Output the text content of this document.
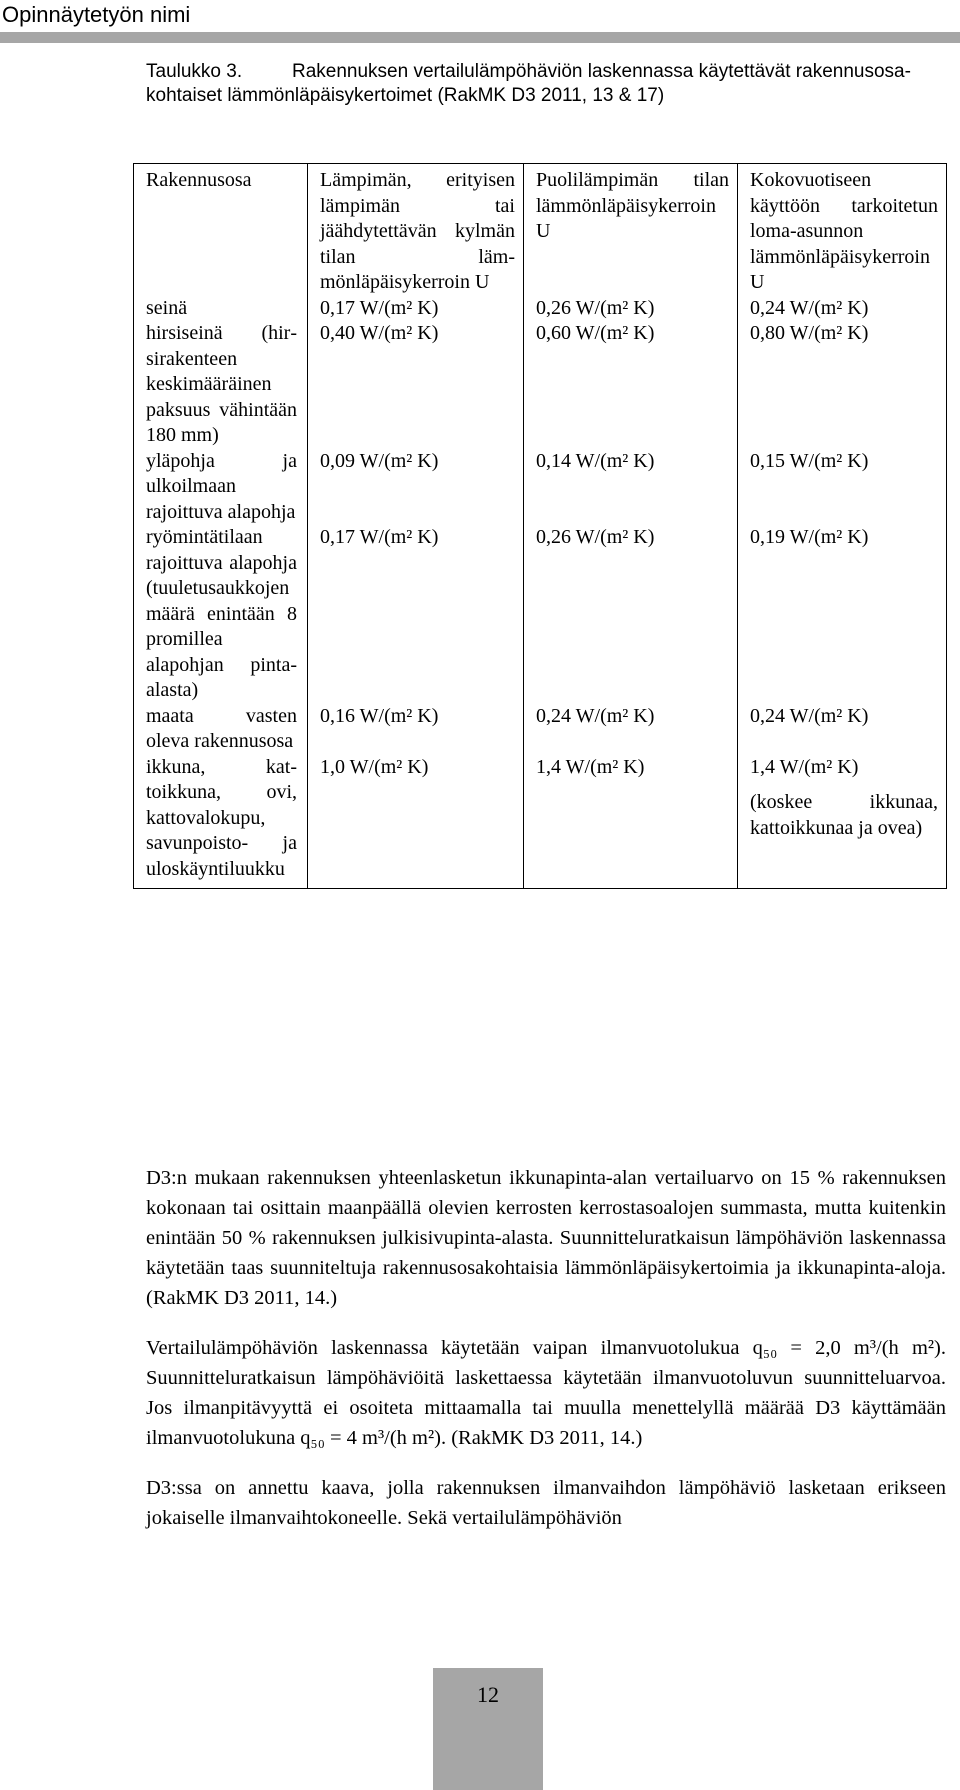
Opinnäytetyön nimi
Taulukko 3.	Rakennuksen vertailulämpöhäviön laskennassa käytettävät rakennusosa-
kohtaiset lämmönläpäisykertoimet (RakMK D3 2011, 13 & 17)
Rakennusosa	Lämpimän, erityisen lämpimän tai jäähdytettävän kylmän tilan lämmönläpäisykerroin U	Puolilämpimän tilan lämmönläpäisykerroin U	Kokovuotiseen käyttöön tarkoitetun loma-asunnon lämmönläpäisykerroin U
seinä	0,17 W/(m² K)	0,26 W/(m² K)	0,24 W/(m² K)
hirsiseinä (hirsirakenteen keskimääräinen paksuus vähintään 180 mm)	0,40 W/(m² K)	0,60 W/(m² K)	0,80 W/(m² K)
yläpohja ja ulkoilmaan rajoittuva alapohja	0,09 W/(m² K)	0,14 W/(m² K)	0,15 W/(m² K)
ryömintätilaan rajoittuva alapohja (tuuletusaukkojen määrä enintään 8 promillea alapohjan pinta-alasta)	0,17 W/(m² K)	0,26 W/(m² K)	0,19 W/(m² K)
maata vasten oleva rakennusosa	0,16 W/(m² K)	0,24 W/(m² K)	0,24 W/(m² K)
ikkuna, kattoikkuna, ovi, kattovalokupu, savunpoisto- ja uloskäyntiluukku	1,0 W/(m² K)	1,4 W/(m² K)	1,4 W/(m² K)
(koskee ikkunaa, kattoikkunaa ja ovea)

D3:n mukaan rakennuksen yhteenlasketun ikkunapinta-alan vertailuarvo on 15 % rakennuksen kokonaan tai osittain maanpäällä olevien kerrosten kerrostasoalojen summasta, mutta kuitenkin enintään 50 % rakennuksen julkisivupinta-alasta. Suunnitteluratkaisun lämpöhäviön laskennassa käytetään taas suunniteltuja rakennusosakohtaisia lämmönläpäisykertoimia ja ikkunapinta-aloja. (RakMK D3 2011, 14.)

Vertailulämpöhäviön laskennassa käytetään vaipan ilmanvuotolukua q₅₀ = 2,0 m³/(h m²). Suunnitteluratkaisun lämpöhäviöitä laskettaessa käytetään ilmanvuotoluvun suunnitteluarvoa. Jos ilmanpitävyyttä ei osoiteta mittaamalla tai muulla menettelyllä määrää D3 käyttämään ilmanvuotolukuna q₅₀ = 4 m³/(h m²). (RakMK D3 2011, 14.)

D3:ssa on annettu kaava, jolla rakennuksen ilmanvaihdon lämpöhäviö lasketaan erikseen jokaiselle ilmanvaihtokoneelle. Sekä vertailulämpöhäviön

12
